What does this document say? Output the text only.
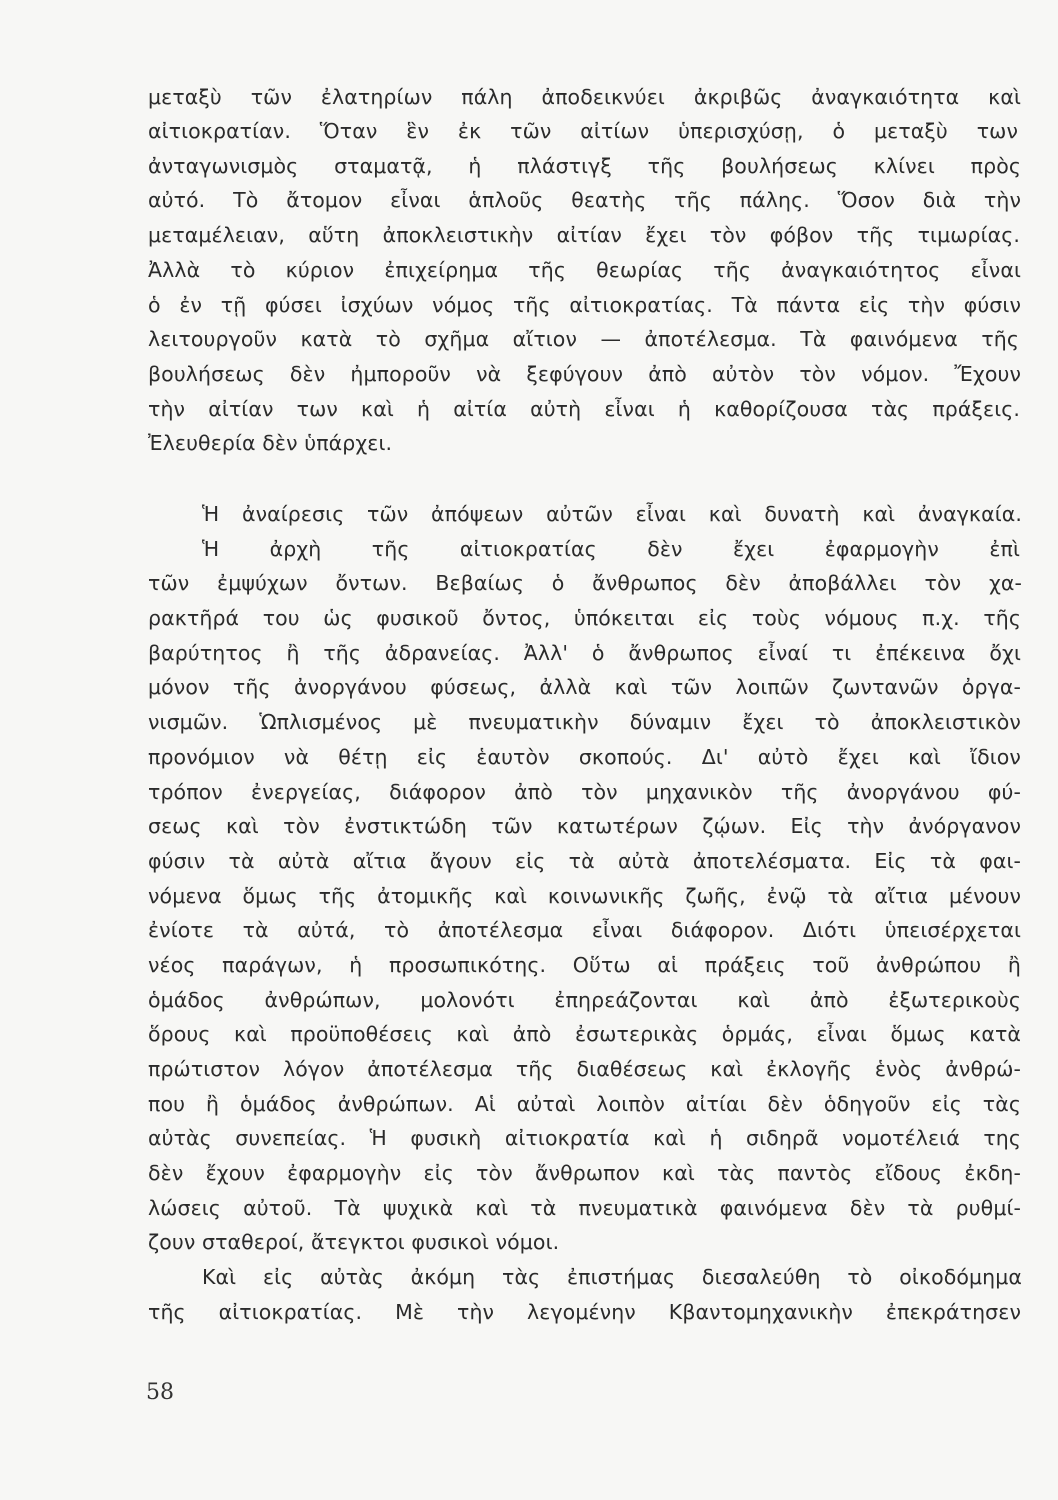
μεταξὺ τῶν ἐλατηρίων πάλη ἀποδεικνύει ἀκριβῶς ἀναγκαιότητα καὶ
αἰτιοκρατίαν. Ὅταν ἓν ἐκ τῶν αἰτίων ὑπερισχύσῃ, ὁ μεταξὺ των
ἀνταγωνισμὸς σταματᾷ, ἡ πλάστιγξ τῆς βουλήσεως κλίνει πρὸς
αὐτό. Τὸ ἄτομον εἶναι ἁπλοῦς θεατὴς τῆς πάλης. Ὅσον διὰ τὴν
μεταμέλειαν, αὕτη ἀποκλειστικὴν αἰτίαν ἔχει τὸν φόβον τῆς τιμωρίας.
Ἀλλὰ τὸ κύριον ἐπιχείρημα τῆς θεωρίας τῆς ἀναγκαιότητος εἶναι
ὁ ἐν τῇ φύσει ἰσχύων νόμος τῆς αἰτιοκρατίας. Τὰ πάντα εἰς τὴν φύσιν
λειτουργοῦν κατὰ τὸ σχῆμα αἴτιον — ἀποτέλεσμα. Τὰ φαινόμενα τῆς
βουλήσεως δὲν ἠμποροῦν νὰ ξεφύγουν ἀπὸ αὐτὸν τὸν νόμον. Ἔχουν
τὴν αἰτίαν των καὶ ἡ αἰτία αὐτὴ εἶναι ἡ καθορίζουσα τὰς πράξεις.
Ἐλευθερία δὲν ὑπάρχει.
Ἡ ἀναίρεσις τῶν ἀπόψεων αὐτῶν εἶναι καὶ δυνατὴ καὶ ἀναγκαία.
Ἡ ἀρχὴ τῆς αἰτιοκρατίας δὲν ἔχει ἐφαρμογὴν ἐπὶ
τῶν ἐμψύχων ὄντων. Βεβαίως ὁ ἄνθρωπος δὲν ἀποβάλλει τὸν χα-
ρακτῆρά του ὡς φυσικοῦ ὄντος, ὑπόκειται εἰς τοὺς νόμους π.χ. τῆς
βαρύτητος ἢ τῆς ἀδρανείας. Ἀλλ' ὁ ἄνθρωπος εἶναί τι ἐπέκεινα ὄχι
μόνον τῆς ἀνοργάνου φύσεως, ἀλλὰ καὶ τῶν λοιπῶν ζωντανῶν ὀργα-
νισμῶν. Ὡπλισμένος μὲ πνευματικὴν δύναμιν ἔχει τὸ ἀποκλειστικὸν
προνόμιον νὰ θέτῃ εἰς ἑαυτὸν σκοπούς. Δι' αὐτὸ ἔχει καὶ ἴδιον
τρόπον ἐνεργείας, διάφορον ἀπὸ τὸν μηχανικὸν τῆς ἀνοργάνου φύ-
σεως καὶ τὸν ἐνστικτώδη τῶν κατωτέρων ζῴων. Εἰς τὴν ἀνόργανον
φύσιν τὰ αὐτὰ αἴτια ἄγουν εἰς τὰ αὐτὰ ἀποτελέσματα. Εἰς τὰ φαι-
νόμενα ὅμως τῆς ἀτομικῆς καὶ κοινωνικῆς ζωῆς, ἐνῷ τὰ αἴτια μένουν
ἐνίοτε τὰ αὐτά, τὸ ἀποτέλεσμα εἶναι διάφορον. Διότι ὑπεισέρχεται
νέος παράγων, ἡ προσωπικότης. Οὕτω αἱ πράξεις τοῦ ἀνθρώπου ἢ
ὁμάδος ἀνθρώπων, μολονότι ἐπηρεάζονται καὶ ἀπὸ ἐξωτερικοὺς
ὅρους καὶ προϋποθέσεις καὶ ἀπὸ ἐσωτερικὰς ὁρμάς, εἶναι ὅμως κατὰ
πρώτιστον λόγον ἀποτέλεσμα τῆς διαθέσεως καὶ ἐκλογῆς ἑνὸς ἀνθρώ-
που ἢ ὁμάδος ἀνθρώπων. Αἱ αὐταὶ λοιπὸν αἰτίαι δὲν ὁδηγοῦν εἰς τὰς
αὐτὰς συνεπείας. Ἡ φυσικὴ αἰτιοκρατία καὶ ἡ σιδηρᾶ νομοτέλειά της
δὲν ἔχουν ἐφαρμογὴν εἰς τὸν ἄνθρωπον καὶ τὰς παντὸς εἴδους ἐκδη-
λώσεις αὐτοῦ. Τὰ ψυχικὰ καὶ τὰ πνευματικὰ φαινόμενα δὲν τὰ ρυθμί-
ζουν σταθεροί, ἄτεγκτοι φυσικοὶ νόμοι.
Καὶ εἰς αὐτὰς ἀκόμη τὰς ἐπιστήμας διεσαλεύθη τὸ οἰκοδόμημα
τῆς αἰτιοκρατίας. Μὲ τὴν λεγομένην Κβαντομηχανικὴν ἐπεκράτησεν
58
